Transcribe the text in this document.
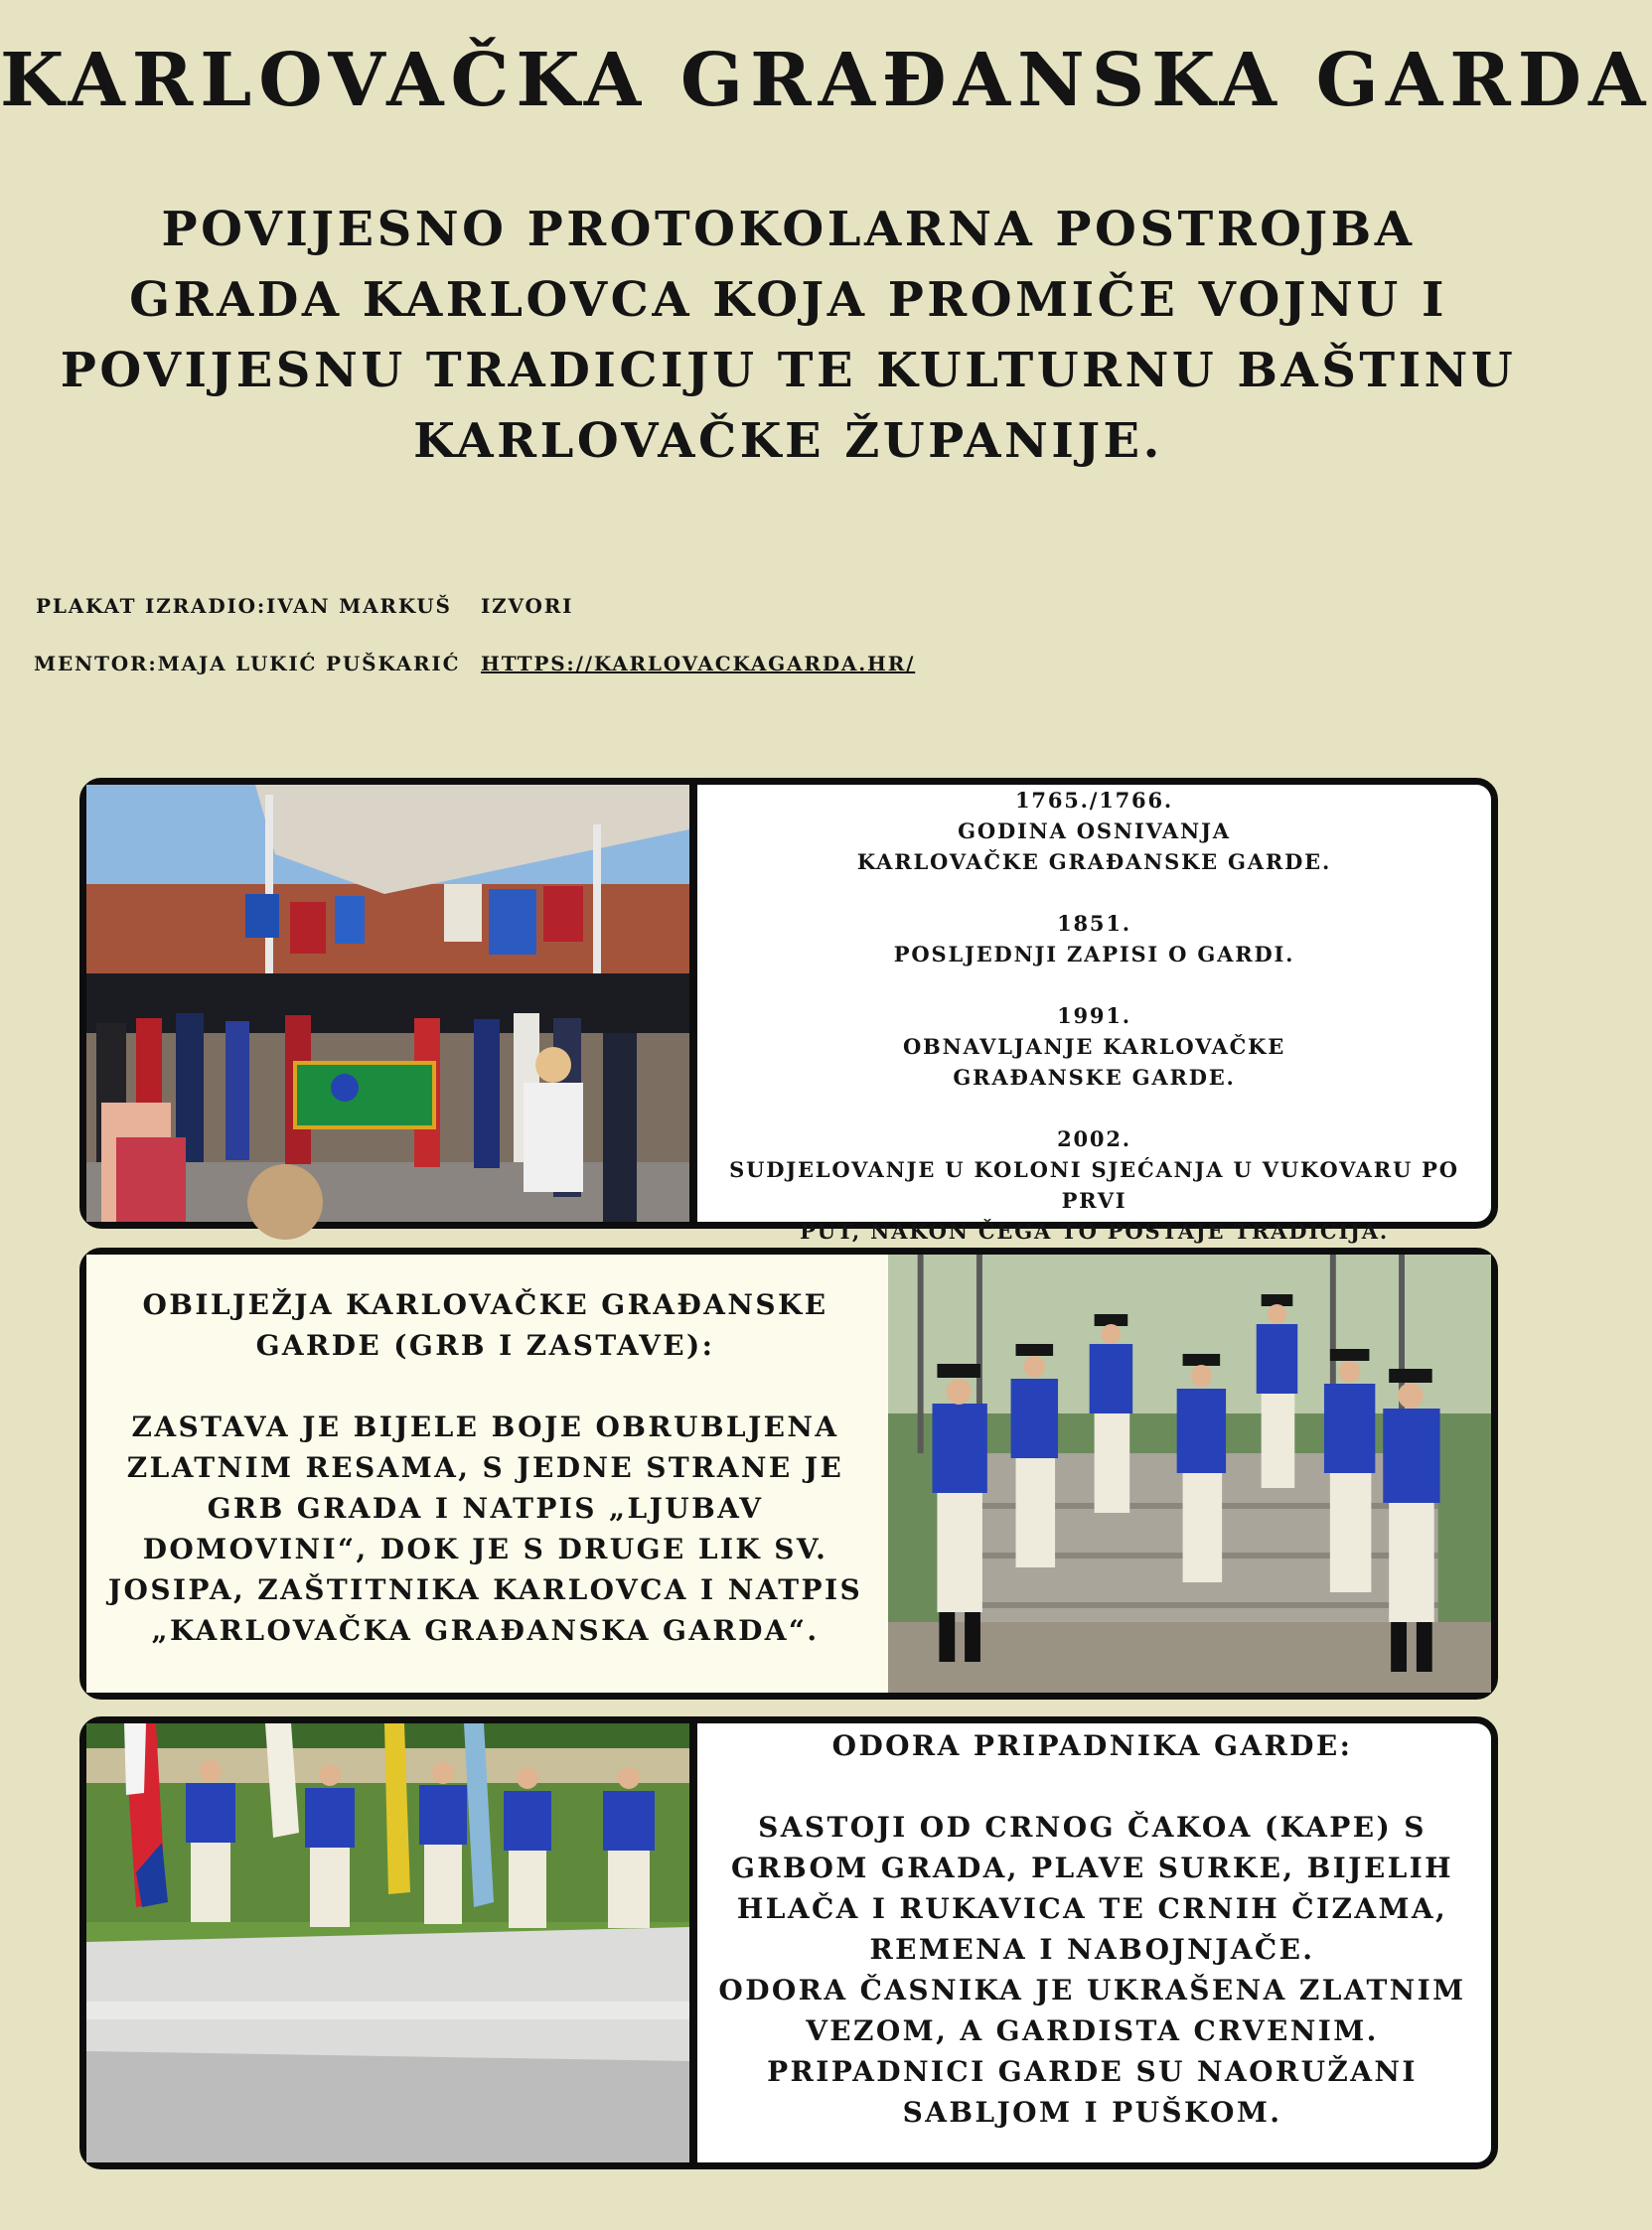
KARLOVAČKA GRAĐANSKA GARDA

POVIJESNO PROTOKOLARNA POSTROJBA GRADA KARLOVCA KOJA PROMIČE VOJNU I POVIJESNU TRADICIJU TE KULTURNU BAŠTINU KARLOVAČKE ŽUPANIJE.

PLAKAT IZRADIO:IVAN MARKUŠ IZVORI
MENTOR:MAJA LUKIĆ PUŠKARIĆ HTTPS://KARLOVACKAGARDA.HR/

1765./1766.

GODINA OSNIVANJA

KARLOVAČKE GRAĐANSKE GARDE.

1851.

POSLJEDNJI ZAPISI O GARDI.

1991.

OBNAVLJANJE KARLOVAČKE

GRAĐANSKE GARDE.

2002.

SUDJELOVANJE U KOLONI SJEĆANJA U VUKOVARU PO PRVI

PUT, NAKON ČEGA TO POSTAJE TRADICIJA.

OBILJEŽJA KARLOVAČKE GRAĐANSKE GARDE (GRB I ZASTAVE):

ZASTAVA JE BIJELE BOJE OBRUBLJENA ZLATNIM RESAMA, S JEDNE STRANE JE GRB GRADA I NATPIS „LJUBAV DOMOVINI“, DOK JE S DRUGE LIK SV. JOSIPA, ZAŠTITNIKA KARLOVCA I NATPIS „KARLOVAČKA GRAĐANSKA GARDA“.

ODORA PRIPADNIKA GARDE:

SASTOJI OD CRNOG ČAKOA (KAPE) S GRBOM GRADA, PLAVE SURKE, BIJELIH HLAČA I RUKAVICA TE CRNIH ČIZAMA, REMENA I NABOJNJAČE.

ODORA ČASNIKA JE UKRAŠENA ZLATNIM VEZOM, A GARDISTA CRVENIM.

PRIPADNICI GARDE SU NAORUŽANI SABLJOM I PUŠKOM.
